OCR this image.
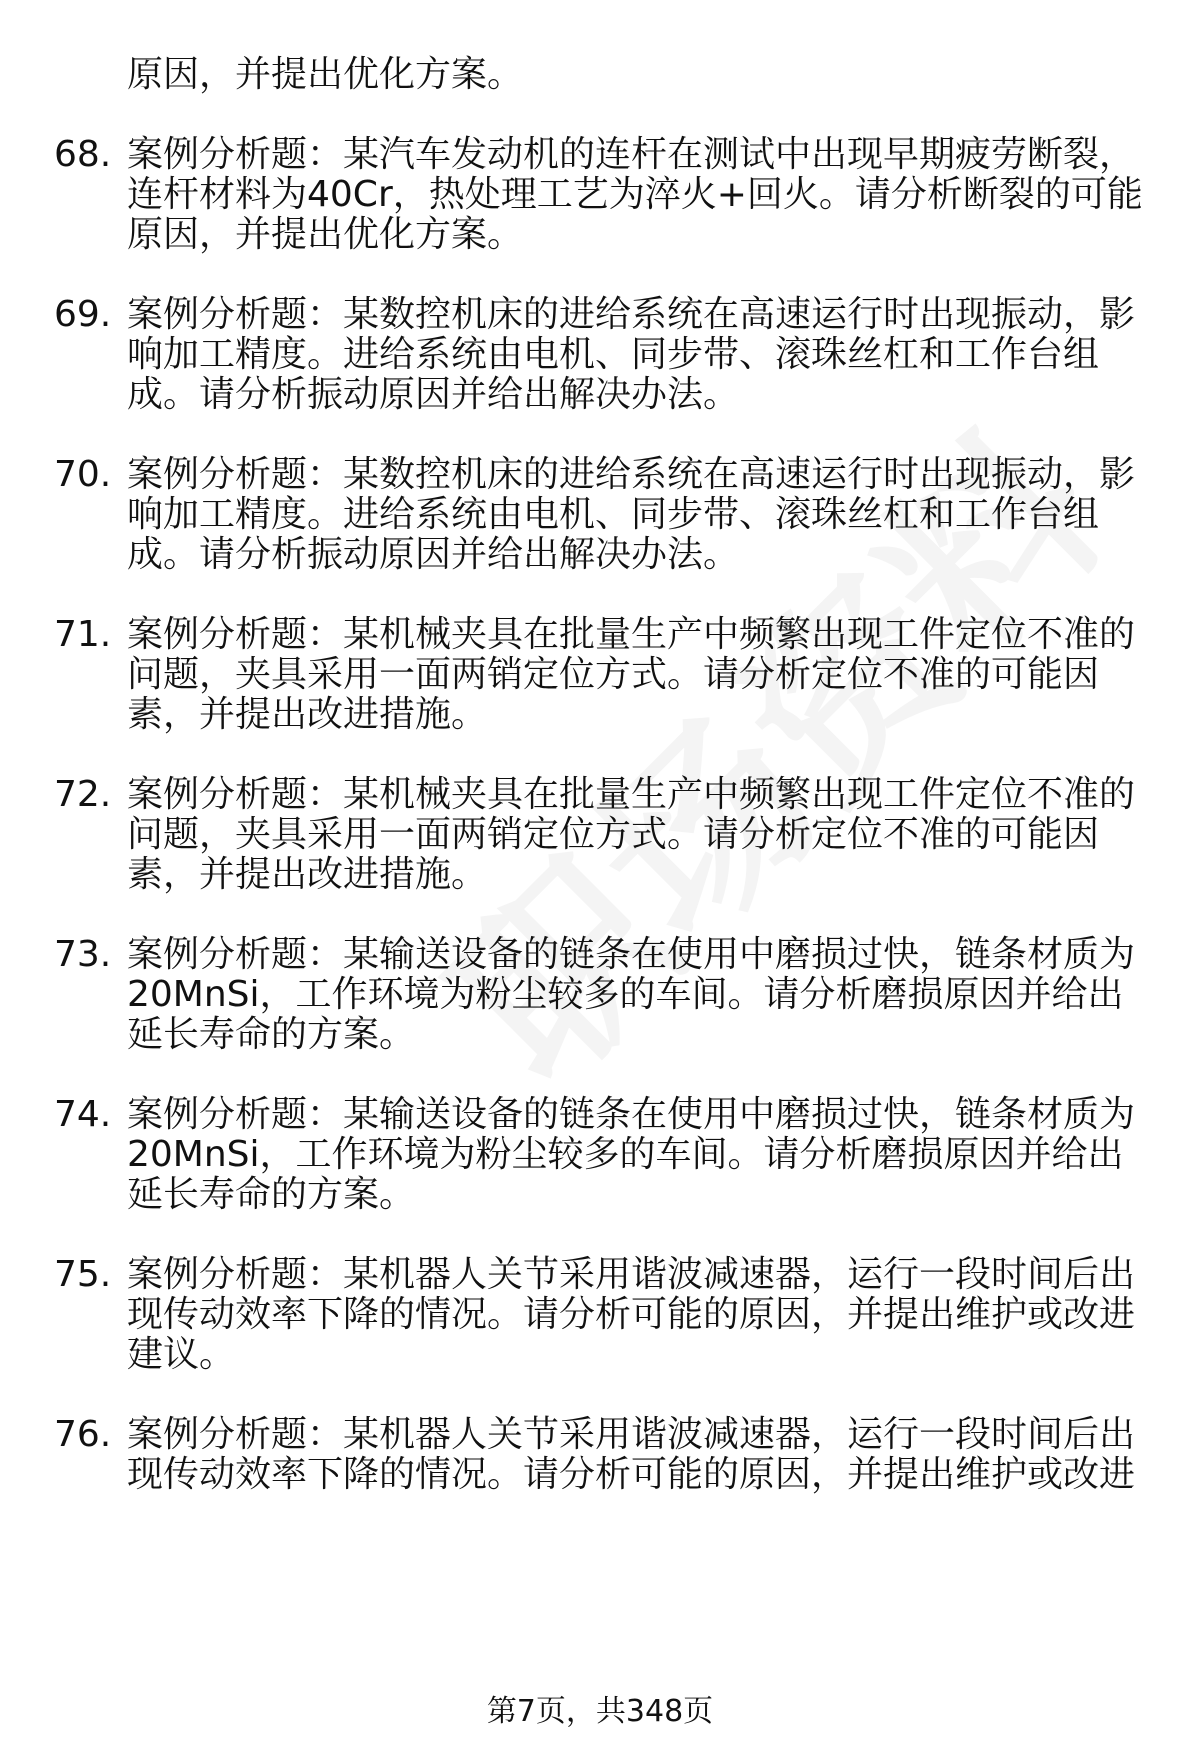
原因，并提出优化方案。
68. 案例分析题：某汽车发动机的连杆在测试中出现早期疲劳断裂，
连杆材料为40Cr，热处理工艺为淬火+回火。请分析断裂的可能
原因，并提出优化方案。
69. 案例分析题：某数控机床的进给系统在高速运行时出现振动，影
响加工精度。进给系统由电机、同步带、滚珠丝杠和工作台组
成。请分析振动原因并给出解决办法。
70. 案例分析题：某数控机床的进给系统在高速运行时出现振动，影
响加工精度。进给系统由电机、同步带、滚珠丝杠和工作台组
成。请分析振动原因并给出解决办法。
71. 案例分析题：某机械夹具在批量生产中频繁出现工件定位不准的
问题，夹具采用一面两销定位方式。请分析定位不准的可能因
素，并提出改进措施。
72. 案例分析题：某机械夹具在批量生产中频繁出现工件定位不准的
问题，夹具采用一面两销定位方式。请分析定位不准的可能因
素，并提出改进措施。
73. 案例分析题：某输送设备的链条在使用中磨损过快，链条材质为
20MnSi，工作环境为粉尘较多的车间。请分析磨损原因并给出
延长寿命的方案。
74. 案例分析题：某输送设备的链条在使用中磨损过快，链条材质为
20MnSi，工作环境为粉尘较多的车间。请分析磨损原因并给出
延长寿命的方案。
75. 案例分析题：某机器人关节采用谐波减速器，运行一段时间后出
现传动效率下降的情况。请分析可能的原因，并提出维护或改进
建议。
76. 案例分析题：某机器人关节采用谐波减速器，运行一段时间后出
现传动效率下降的情况。请分析可能的原因，并提出维护或改进
第7页，共348页
